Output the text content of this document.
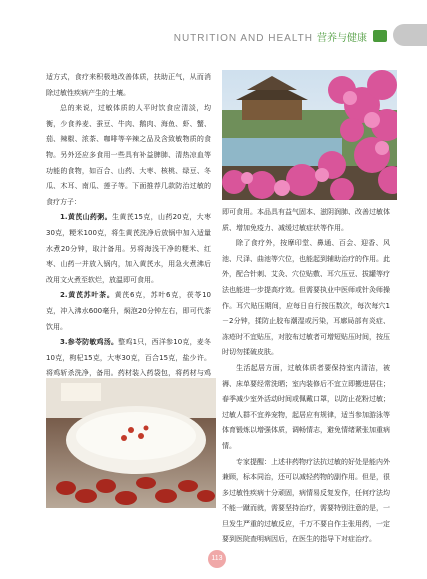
NUTRITION AND HEALTH 营养与健康

适方式，食疗来积极地改善体质，扶助正气，从而消除过敏性疾病产生的土壤。

总的来说，过敏体质的人平时饮食应清淡，均衡，少食养麦、蚕豆、牛肉、鹅肉、海鱼、虾、蟹、茄、辣椒、浓茶、咖啡等辛辣之品及含致敏物质的食物。另外还应多食用一些具有补益脾肺、清热凉血等功能的食物，如百合、山药、大枣、核桃、绿豆、冬瓜、木耳、南瓜、莲子等。下面推荐几款防治过敏的食疗方子：

1.黄芪山药粥。生黄芪15克，山药20克，大枣30克，粳米100克，将生黄芪洗净后放锅中加入适量水煮20分钟，取汁备用。另将海浅干净的粳米、红枣、山药一并放入锅内，加入黄芪水，用急火煮沸后改用文火煮至软烂，放温即可食用。

2.黄芪苏叶茶。黄芪6克，苏叶6克，茯苓10克，冲入沸水600毫升，焖泡20分钟左右，即可代茶饮用。

3.参苓防敏鸡汤。整鸡1只，西洋参10克，麦冬10克，枸杞15克，大枣30克，百合15克，盐少许。将鸡斩杀洗净，备用。药材装入药袋包，将药材与鸡

即可食用。本品具有益气固本、滋阴润肺、改善过敏体质、增加免疫力、减缓过敏症状等作用。

除了食疗外，按摩印堂、鼻通、百会、迎香、风池、尺泽、曲池等穴位，也能起到辅助治疗的作用。此外，配合针刺、艾灸、穴位贴敷、耳穴压豆、拔罐等疗法也能进一步提高疗效。但需要执业中医师或针灸师操作。耳穴贴压期间，应每日自行按压数次，每次每穴1－2分钟，揉防止胶布潮湿或污染，耳廓局部有炎症、冻疮时不宜贴压，对胶布过敏者可增短贴压时间，按压时切勿揉破皮肤。

生活起居方面，过敏体质者要保持室内清洁，被褥、床单要经常洗晒；室内装修后不宜立即搬进居住；春季减少室外活动时间或佩戴口罩，以防止花粉过敏；过敏人群不宜养宠物，起居应有规律，适当参加游泳等体育锻炼以增强体质，调畅情志，避免情绪紧张加重病情。

专家提醒：上述非药物疗法抗过敏的好处是能内外兼顾，标本同治，还可以减轻药物的副作用。但是，很多过敏性疾病十分顽固，病情易反复发作，任何疗法均不能一蹴而就，需要坚持治疗，需要特别注意的是，一旦发生严重的过敏反应，千万不要自作主张用药，一定要到医院查明病因后，在医生的指导下对症治疗。

113
